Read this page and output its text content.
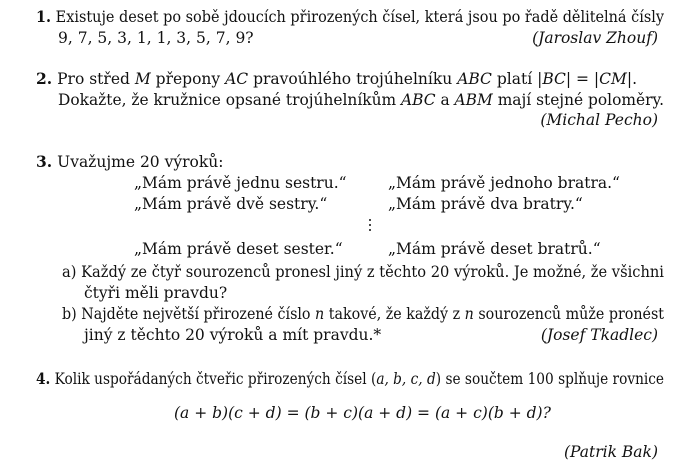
1. Existuje deset po sobě jdoucích přirozených čísel, která jsou po řadě dělitelná čísly
9, 7, 5, 3, 1, 1, 3, 5, 7, 9?	(Jaroslav Zhouf)
2. Pro střed M přepony AC pravoúhlého trojúhelníku ABC platí |BC| = |CM|.
Dokažte, že kružnice opsané trojúhelníkům ABC a ABM mají stejné poloměry.
(Michal Pecho)
3. Uvažujme 20 výroků:
„Mám právě jednu sestru.“	„Mám právě jednoho bratra.“
„Mám právě dvě sestry.“	„Mám právě dva bratry.“
„Mám právě deset sester.“	„Mám právě deset bratrů.“
a) Každý ze čtyř sourozenců pronesl jiný z těchto 20 výroků. Je možné, že všichni
čtyři měli pravdu?
b) Najděte největší přirozené číslo n takové, že každý z n sourozenců může pronést
jiný z těchto 20 výroků a mít pravdu.*	(Josef Tkadlec)
4. Kolik uspořádaných čtveřic přirozených čísel (a, b, c, d) se součtem 100 splňuje rovnice
(a + b)(c + d) = (b + c)(a + d) = (a + c)(b + d)?
(Patrik Bak)
